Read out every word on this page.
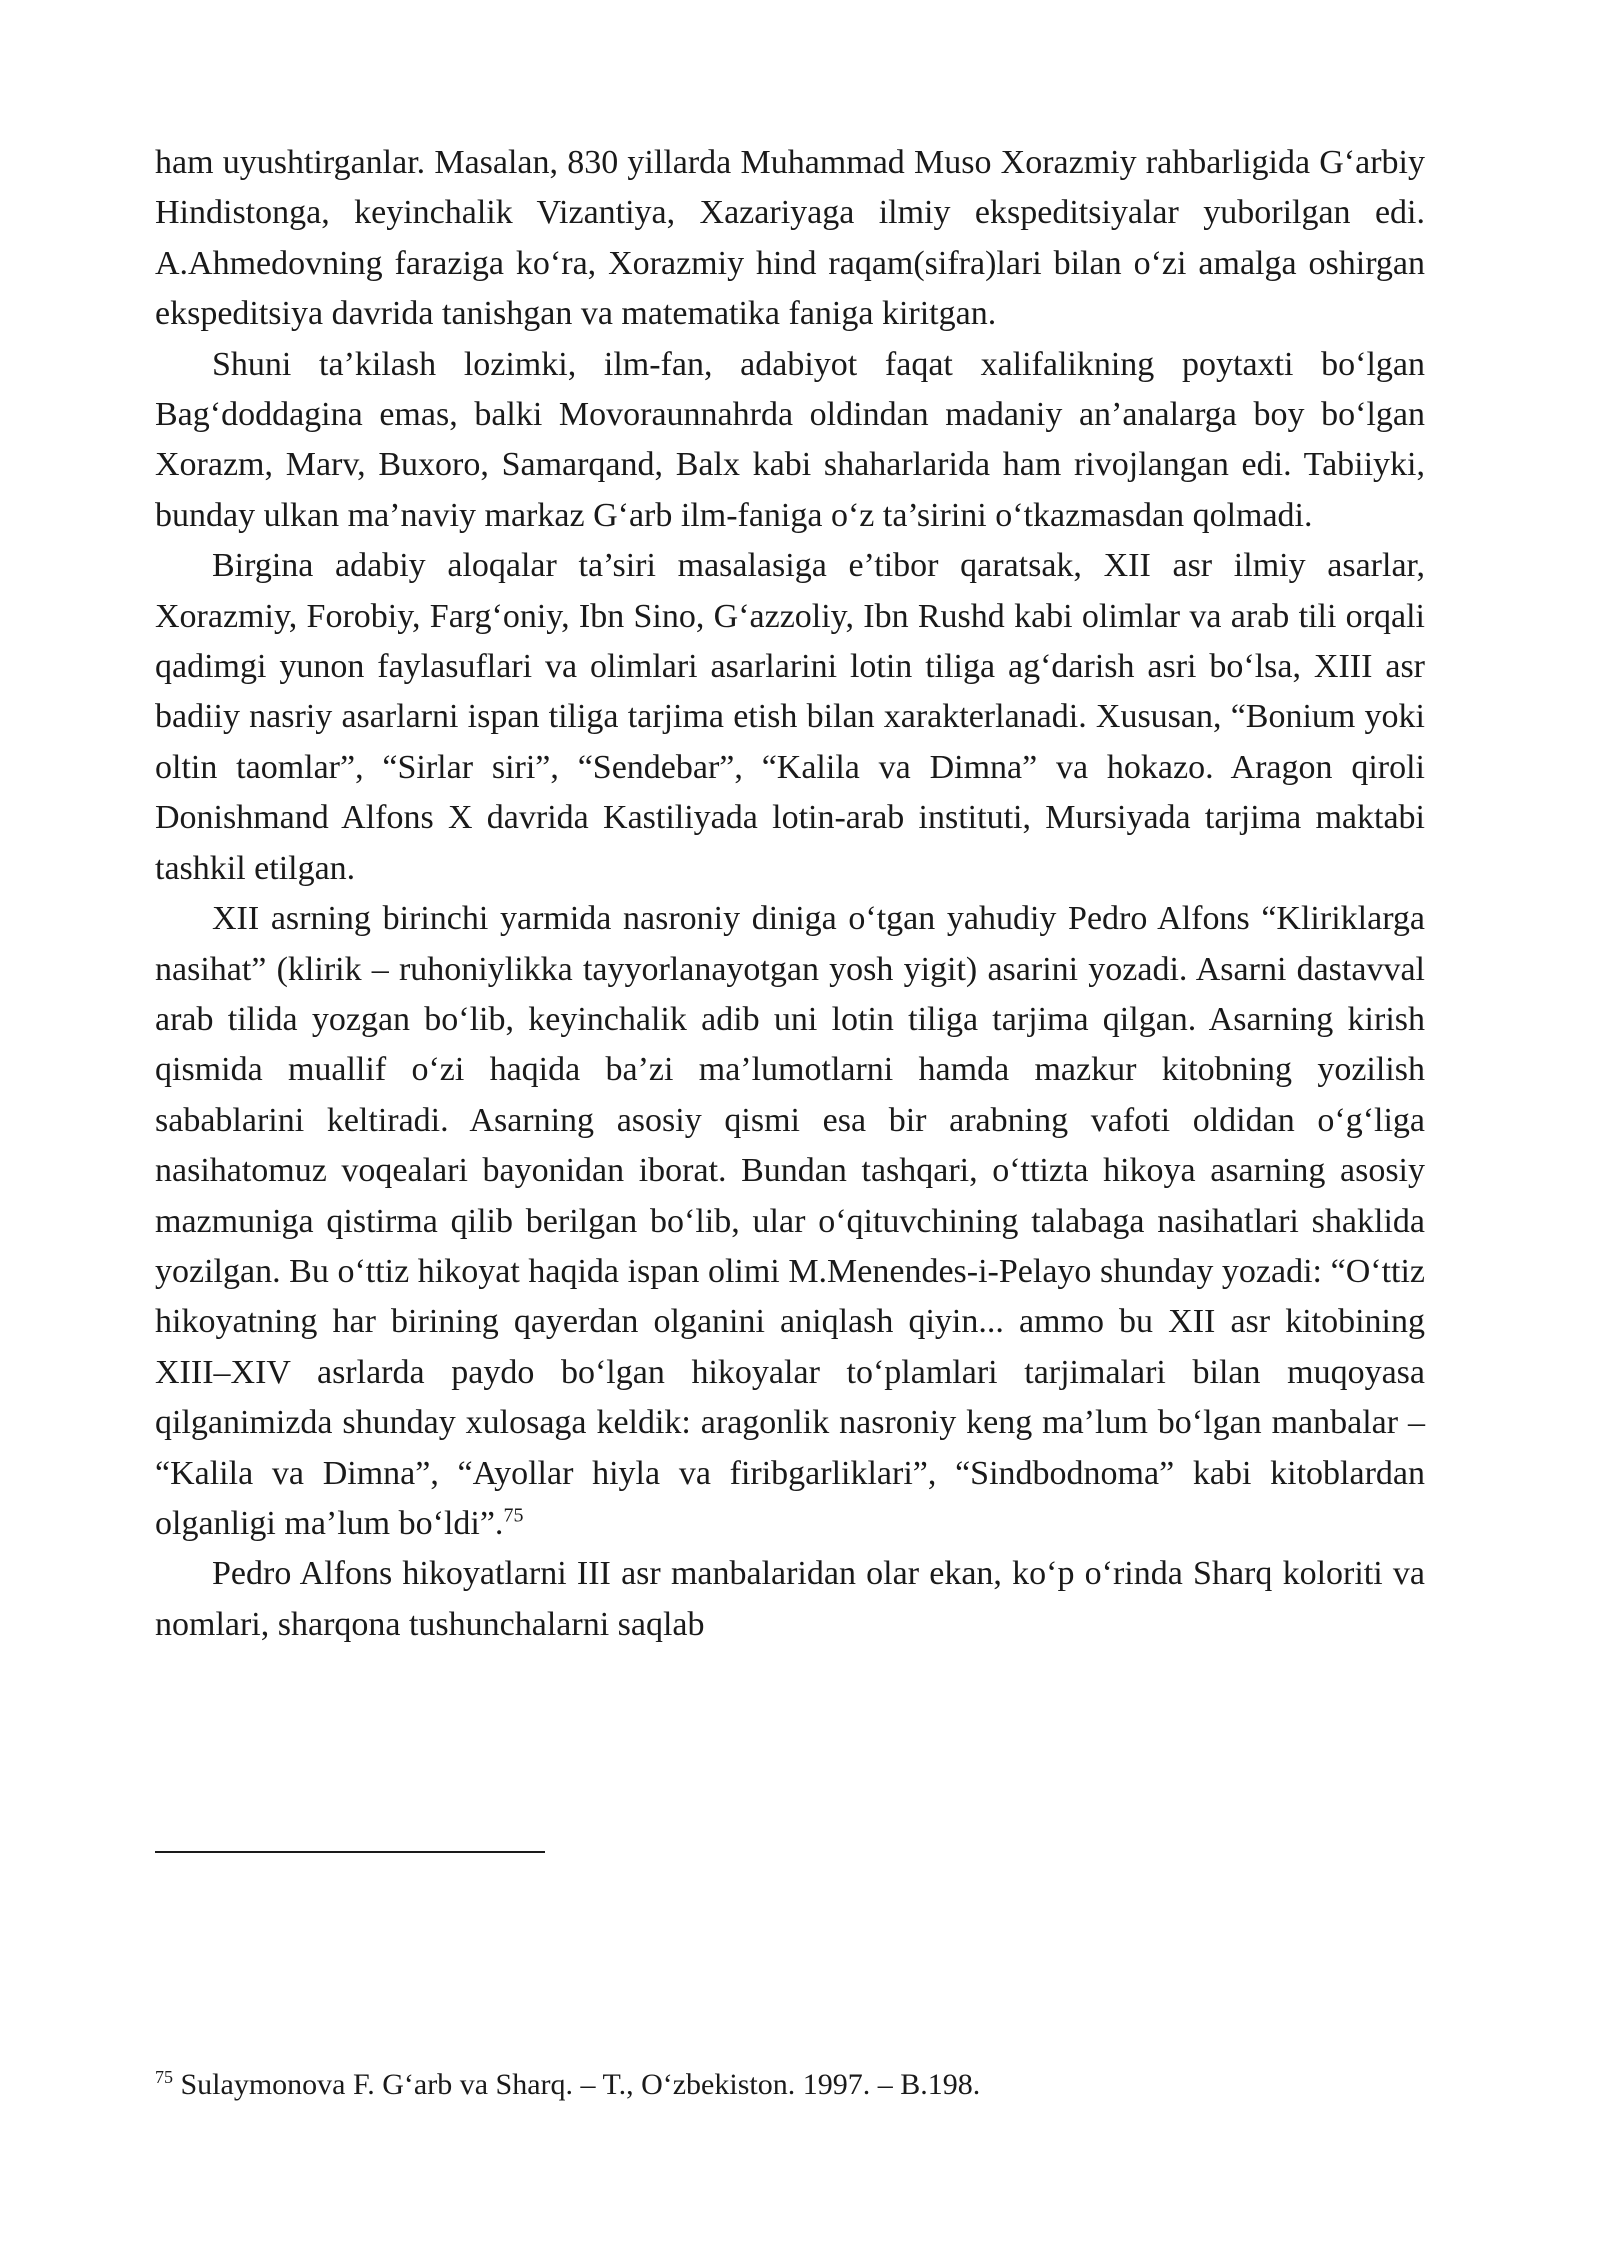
ham uyushtirganlar. Masalan, 830 yillarda Muhammad Muso Xorazmiy rahbarligida G‘arbiy Hindistonga, keyinchalik Vizantiya, Xazariyaga ilmiy ekspeditsiyalar yuborilgan edi. A.Ahmedovning faraziga ko‘ra, Xorazmiy hind raqam(sifra)lari bilan o‘zi amalga oshirgan ekspeditsiya davrida tanishgan va matematika faniga kiritgan.

Shuni ta’kilash lozimki, ilm-fan, adabiyot faqat xalifalikning poytaxti bo‘lgan Bag‘doddagina emas, balki Movoraunnahrda oldindan madaniy an’analarga boy bo‘lgan Xorazm, Marv, Buxoro, Samarqand, Balx kabi shaharlarida ham rivojlangan edi. Tabiiyki, bunday ulkan ma’naviy markaz G‘arb ilm-faniga o‘z ta’sirini o‘tkazmasdan qolmadi.

Birgina adabiy aloqalar ta’siri masalasiga e’tibor qaratsak, XII asr ilmiy asarlar, Xorazmiy, Forobiy, Farg‘oniy, Ibn Sino, G‘azzoliy, Ibn Rushd kabi olimlar va arab tili orqali qadimgi yunon faylasuflari va olimlari asarlarini lotin tiliga ag‘darish asri bo‘lsa, XIII asr badiiy nasriy asarlarni ispan tiliga tarjima etish bilan xarakterlanadi. Xususan, “Bonium yoki oltin taomlar”, “Sirlar siri”, “Sendebar”, “Kalila va Dimna” va hokazo. Aragon qiroli Donishmand Alfons X davrida Kastiliyada lotin-arab instituti, Mursiyada tarjima maktabi tashkil etilgan.

XII asrning birinchi yarmida nasroniy diniga o‘tgan yahudiy Pedro Alfons “Kliriklarga nasihat” (klirik – ruhoniylikka tayyorlanayotgan yosh yigit) asarini yozadi. Asarni dastavval arab tilida yozgan bo‘lib, keyinchalik adib uni lotin tiliga tarjima qilgan. Asarning kirish qismida muallif o‘zi haqida ba’zi ma’lumotlarni hamda mazkur kitobning yozilish sabablarini keltiradi. Asarning asosiy qismi esa bir arabning vafoti oldidan o‘g‘liga nasihatomuz voqealari bayonidan iborat. Bundan tashqari, o‘ttizta hikoya asarning asosiy mazmuniga qistirma qilib berilgan bo‘lib, ular o‘qituvchining talabaga nasihatlari shaklida yozilgan. Bu o‘ttiz hikoyat haqida ispan olimi M.Menendes-i-Pelayo shunday yozadi: “O‘ttiz hikoyatning har birining qayerdan olganini aniqlash qiyin... ammo bu XII asr kitobining XIII–XIV asrlarda paydo bo‘lgan hikoyalar to‘plamlari tarjimalari bilan muqoyasa qilganimizda shunday xulosaga keldik: aragonlik nasroniy keng ma’lum bo‘lgan manbalar – “Kalila va Dimna”, “Ayollar hiyla va firibgarliklari”, “Sindbodnoma” kabi kitoblardan olganligi ma’lum bo‘ldi”.$^{75}$

Pedro Alfons hikoyatlarni III asr manbalaridan olar ekan, ko‘p o‘rinda Sharq koloriti va nomlari, sharqona tushunchalarni saqlab

$^{75}$ Sulaymonova F. G‘arb va Sharq. – T., O‘zbekiston. 1997. – B.198.
